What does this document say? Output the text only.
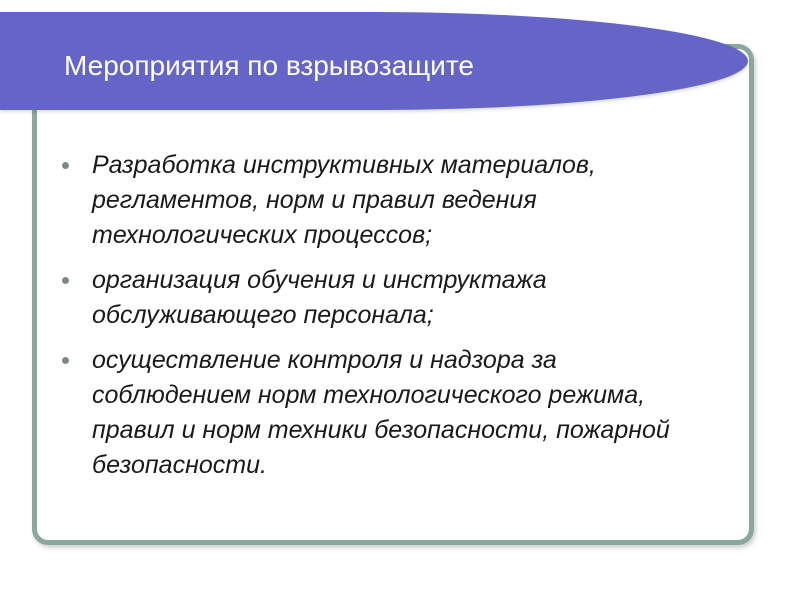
Разработка инструктивных материалов, регламентов, норм и правил ведения технологических процессов;
организация обучения и инструктажа обслуживающего персонала;
осуществление контроля и надзора за соблюдением норм технологического режима, правил и норм техники безопасности, пожарной безопасности.
Мероприятия по взрывозащите
